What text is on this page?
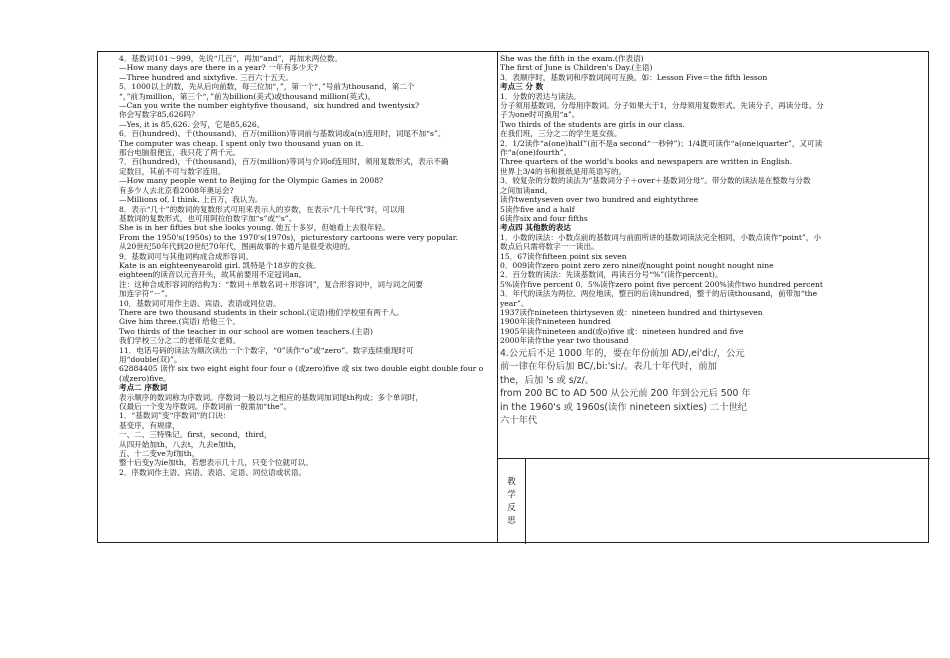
4．基数词101～999，先说“几百”，再加“and”，再加末两位数。
—How many days are there in a year? 一年有多少天?
—Three hundred and sixtyfive. 三百六十五天。
5．1000以上的数，先从后向前数，每三位加“，”，第一个“，”号前为thousand，第二个
“，”前为million，第三个“，”前为billion(美式)或thousand million(英式)。
—Can you write the number eightyfive thousand，six hundred and twentysix?
你会写数字85,626吗？
—Yes, it is 85,626. 会写，它是85,626。
6．百(hundred)、千(thousand)、百万(million)等词前与基数词或a(n)连用时，词尾不加“s”。
The computer was cheap. I spent only two thousand yuan on it.
那台电脑很便宜，我只花了两千元。
7．百(hundred)，千(thousand)，百万(million)等词与介词of连用时，须用复数形式，表示不确
定数目，其前不可与数字连用。
—How many people went to Beijing for the Olympic Games in 2008?
有多少人去北京看2008年奥运会?
—Millions of, I think. 上百万，我认为。
8．表示“几十”的数词的复数形式可用来表示人的岁数，在表示“几十年代”时，可以用
基数词的复数形式，也可用阿拉伯数字加“s”或“'s”。
She is in her fifties but she looks young. 她五十多岁，但她看上去很年轻。
From the 1950's(1950s) to the 1970's(1970s)，picturestory cartoons were very popular.
从20世纪50年代到20世纪70年代，图画故事的卡通片是很受欢迎的。
9．基数词可与其他词构成合成形容词。
Kate is an eighteenyearold girl. 凯特是个18岁的女孩。
eighteen的读音以元音开头，故其前要用不定冠词an。
注：这种合成形容词的结构为：“数词＋单数名词＋形容词”，复合形容词中，词与词之间要
加连字符“－”。
10．基数词可用作主语、宾语、表语或同位语。
There are two thousand students in their school.(定语)他们学校里有两千人。
Give him three.(宾语) 给他三个。
Two thirds of the teacher in our school are women teachers.(主语)
我们学校三分之二的老师是女老师。
11．电话号码的读法为顺次读出一个个数字，“0”读作“o”或“zero”。数字连续重现时可
用“double(双)”。
62884405 读作 six two eight eight four four o (或zero)five 或 six two double eight double four o
(或zero)five。
考点二 序数词
表示顺序的数词称为序数词。序数词一般以与之相应的基数词加词尾th构成；多个单词时，
仅最后一个变为序数词。序数词前一般需加“the”。
1．“基数词”变“序数词”的口诀：
基变序，有规律，
一、二、三特殊记，first，second，third，
从四开始加th，八去t，九去e加th，
五、十二变ve为f加th，
整十后变y为ie加th，若想表示几十几，只变个位就可以。
2．序数词作主语、宾语、表语、定语、同位语或状语。
She was the fifth in the exam.(作表语)
The first of June is Children's Day.(主语)
3．表顺序时，基数词和序数词间可互换，如：Lesson Five＝the fifth lesson
考点三 分 数
1．分数的表达与读法。
分子须用基数词，分母用序数词。分子如果大于1，分母须用复数形式。先读分子，再读分母。分
子为one时可换用“a”。
Two thirds of the students are girls in our class.
在我们班，三分之二的学生是女孩。
2．1/2读作“a(one)half”(而不是a second“一秒钟”)；1/4既可读作“a(one)quarter”，又可读
作“a(one)fourth”。
Three quarters of the world's books and newspapers are written in English.
世界上3/4的书和报纸是用英语写的。
3．较复杂的分数的读法为“基数词分子＋over＋基数词分母”。带分数的读法是在整数与分数
之间加读and。
读作twentyseven over two hundred and eightythree
5读作five and a half
6读作six and four fifths
考点四 其他数的表达
1．小数的读法：小数点前的基数词与前面所讲的基数词读法完全相同，小数点读作“point”，小
数点后只需将数字一一读出。
15．67读作fifteen point six seven
0．009读作zero point zero zero nine或nought point nought nought nine
2．百分数的读法：先读基数词，再读百分号“%”(读作percent)。
5%读作five percent 0．5%读作zero point five percent 200%读作two hundred percent
3．年代的读法为两位、两位地读，整百的后读hundred，整千的后读thousand，前带加“the
year”。
1937读作nineteen thirtyseven 或：nineteen hundred and thirtyseven
1900年读作nineteen hundred
1905年读作nineteen and(或o)five 或：nineteen hundred and five
2000年读作the year two thousand
4.公元后不足 1000 年的，要在年份前加 AD/,ei'di:/，公元
前一律在年份后加 BC/,bi:'si:/。表几十年代时，前加
the，后加 's 或 s/z/。
from 200 BC to AD 500 从公元前 200 年到公元后 500 年
in the 1960's 或 1960s(读作 nineteen sixties) 二十世纪
六十年代
教
学
反
思
